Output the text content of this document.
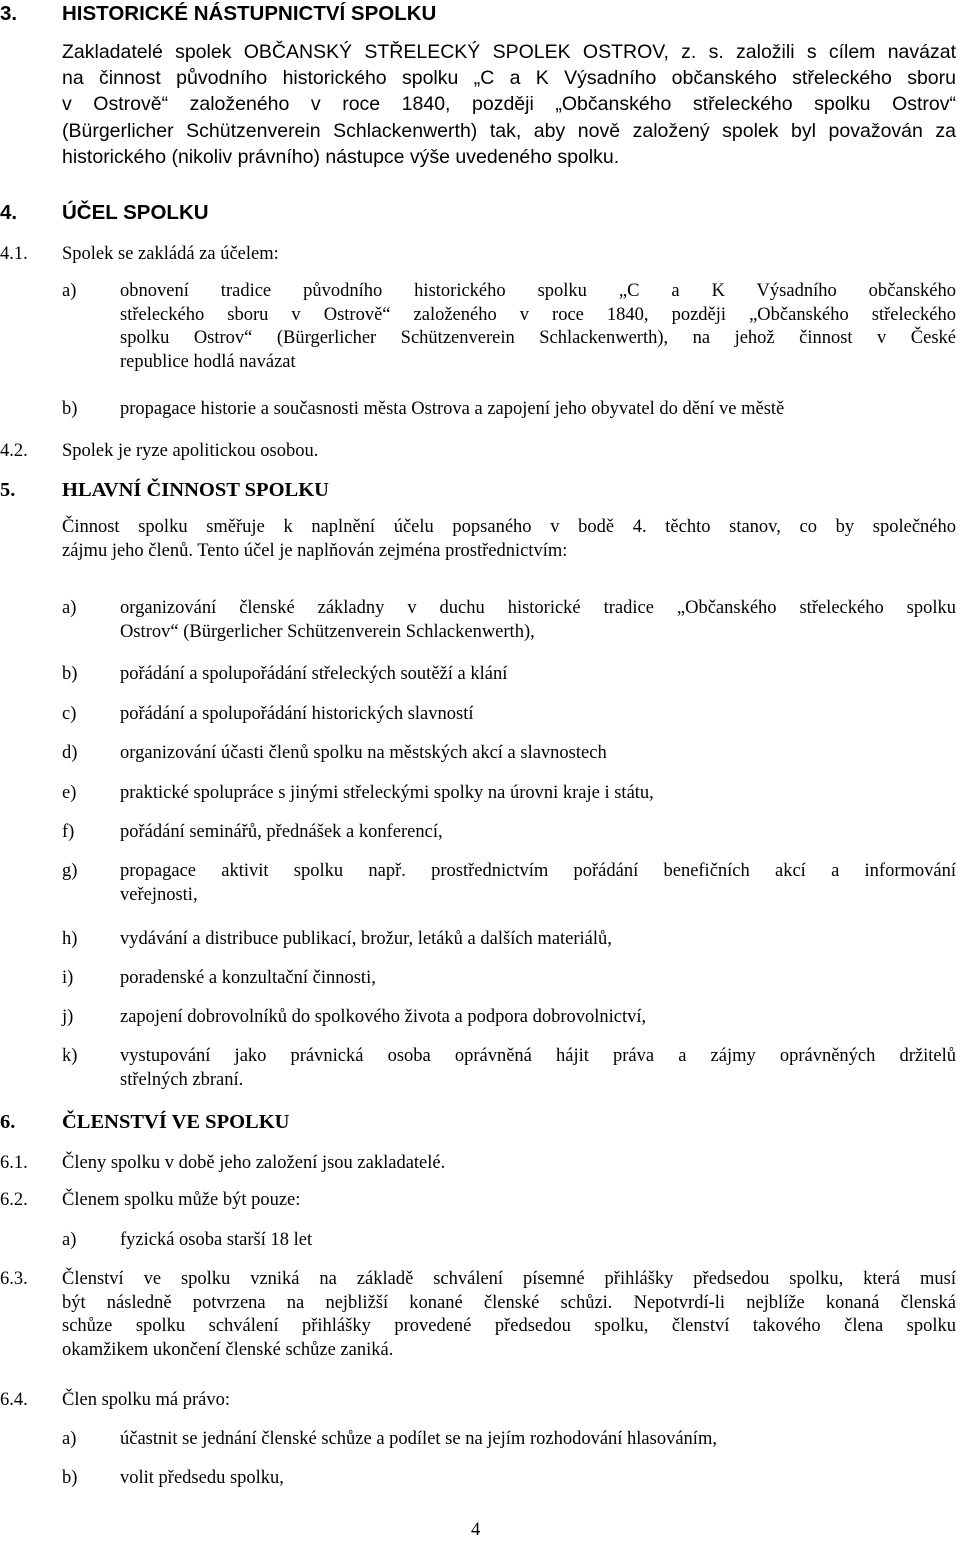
3. HISTORICKÉ NÁSTUPNICTVÍ SPOLKU
Zakladatelé spolek OBČANSKÝ STŘELECKÝ SPOLEK OSTROV, z. s. založili s cílem navázat
na činnost původního historického spolku „C a K Výsadního občanského střeleckého sboru
v Ostrově“ založeného v roce 1840, později „Občanského střeleckého spolku Ostrov“
(Bürgerlicher Schützenverein Schlackenwerth) tak, aby nově založený spolek byl považován za
historického (nikoliv právního) nástupce výše uvedeného spolku.
4. ÚČEL SPOLKU
4.1. Spolek se zakládá za účelem:
a) obnovení tradice původního historického spolku „C a K Výsadního občanského
střeleckého sboru v Ostrově“ založeného v roce 1840, později „Občanského střeleckého
spolku Ostrov“ (Bürgerlicher Schützenverein Schlackenwerth), na jehož činnost v České
republice hodlá navázat
b) propagace historie a současnosti města Ostrova a zapojení jeho obyvatel do dění ve městě
4.2. Spolek je ryze apolitickou osobou.
5. HLAVNÍ ČINNOST SPOLKU
Činnost spolku směřuje k naplnění účelu popsaného v bodě 4. těchto stanov, co by společného
zájmu jeho členů. Tento účel je naplňován zejména prostřednictvím:
a) organizování členské základny v duchu historické tradice „Občanského střeleckého spolku
Ostrov“ (Bürgerlicher Schützenverein Schlackenwerth),
b) pořádání a spolupořádání střeleckých soutěží a klání
c) pořádání a spolupořádání historických slavností
d) organizování účasti členů spolku na městských akcí a slavnostech
e) praktické spolupráce s jinými střeleckými spolky na úrovni kraje i státu,
f) pořádání seminářů, přednášek a konferencí,
g) propagace aktivit spolku např. prostřednictvím pořádání benefičních akcí a informování
veřejnosti,
h) vydávání a distribuce publikací, brožur, letáků a dalších materiálů,
i)	poradenské a konzultační činnosti,
j)	zapojení dobrovolníků do spolkového života a podpora dobrovolnictví,
k) vystupování jako právnická osoba oprávněná hájit práva a zájmy oprávněných držitelů
střelných zbraní.
6. ČLENSTVÍ VE SPOLKU
6.1. Členy spolku v době jeho založení jsou zakladatelé.
6.2. Členem spolku může být pouze:
a) fyzická osoba starší 18 let
6.3. Členství ve spolku vzniká na základě schválení písemné přihlášky předsedou spolku, která musí
být následně potvrzena na nejbližší konané členské schůzi. Nepotvrdí-li nejblíže konaná členská
schůze spolku schválení přihlášky provedené předsedou spolku, členství takového člena spolku
okamžikem ukončení členské schůze zaniká.
6.4. Člen spolku má právo:
a) účastnit se jednání členské schůze a podílet se na jejím rozhodování hlasováním,
b) volit předsedu spolku,
4
